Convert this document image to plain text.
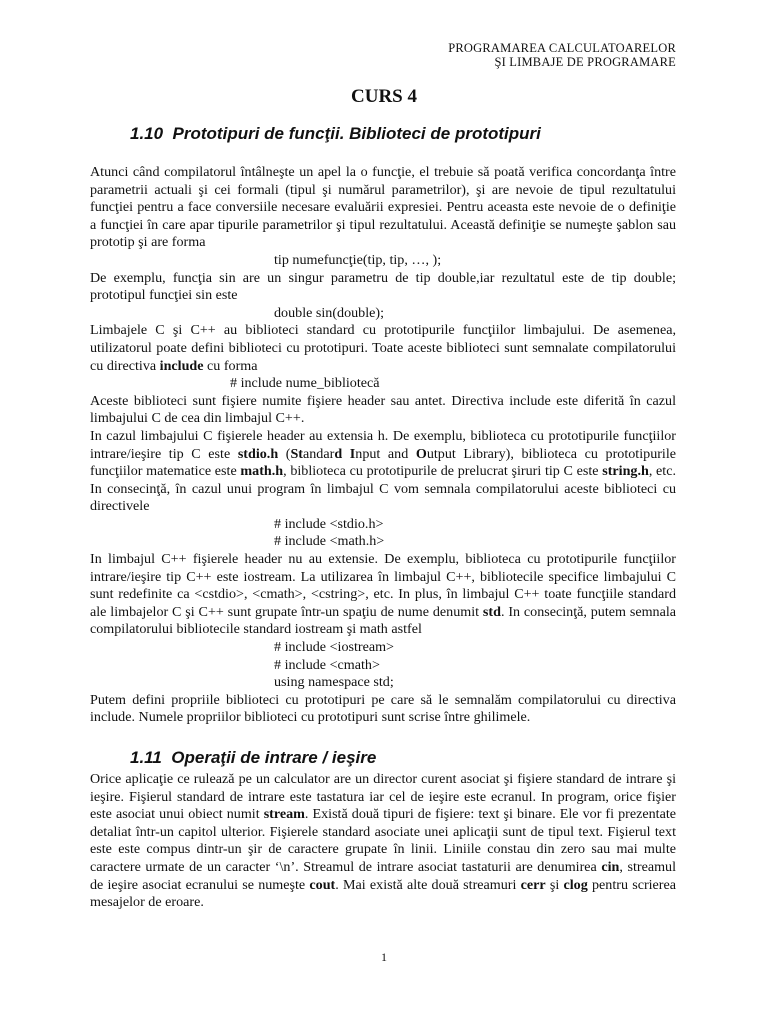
PROGRAMAREA CALCULATOARELOR
ŞI LIMBAJE DE PROGRAMARE
CURS 4
1.10 Prototipuri de funcţii. Biblioteci de prototipuri

Atunci când compilatorul întâlneşte un apel la o funcţie, el trebuie să poată verifica concordanţa între parametrii actuali şi cei formali (tipul şi numărul parametrilor), şi are nevoie de tipul rezultatului funcţiei pentru a face conversiile necesare evaluării expresiei. Pentru aceasta este nevoie de o definiţie a funcţiei în care apar tipurile parametrilor şi tipul rezultatului. Această definiţie se numeşte şablon sau prototip şi are forma

tip numefuncţie(tip, tip, …, );

De exemplu, funcţia sin are un singur parametru de tip double,iar rezultatul este de tip double; prototipul funcţiei sin este

double sin(double);

Limbajele C şi C++ au biblioteci standard cu prototipurile funcţiilor limbajului. De asemenea, utilizatorul poate defini biblioteci cu prototipuri. Toate aceste biblioteci sunt semnalate compilatorului cu directiva include cu forma

# include nume_bibliotecă

Aceste biblioteci sunt fişiere numite fişiere header sau antet. Directiva include este diferită în cazul limbajului C de cea din limbajul C++.

In cazul limbajului C fişierele header au extensia h. De exemplu, biblioteca cu prototipurile funcţiilor intrare/ieşire tip C este stdio.h (Standard Input and Output Library), biblioteca cu prototipurile funcţiilor matematice este math.h, biblioteca cu prototipurile de prelucrat şiruri tip C este string.h, etc. In consecinţă, în cazul unui program în limbajul C vom semnala compilatorului aceste biblioteci cu directivele

# include <stdio.h>
# include <math.h>

In limbajul C++ fişierele header nu au extensie. De exemplu, biblioteca cu prototipurile funcţiilor intrare/ieşire tip C++ este iostream. La utilizarea în limbajul C++, bibliotecile specifice limbajului C sunt redefinite ca <cstdio>, <cmath>, <cstring>, etc. In plus, în limbajul C++ toate funcţiile standard ale limbajelor C şi C++ sunt grupate într-un spaţiu de nume denumit std. In consecinţă, putem semnala compilatorului bibliotecile standard iostream şi math astfel

# include <iostream>
# include <cmath>
using namespace std;

Putem defini propriile biblioteci cu prototipuri pe care să le semnalăm compilatorului cu directiva include. Numele propriilor biblioteci cu prototipuri sunt scrise între ghilimele.

1.11 Operaţii de intrare / ieşire

Orice aplicaţie ce rulează pe un calculator are un director curent asociat şi fişiere standard de intrare şi ieşire. Fişierul standard de intrare este tastatura iar cel de ieşire este ecranul. In program, orice fişier este asociat unui obiect numit stream. Există două tipuri de fişiere: text şi binare. Ele vor fi prezentate detaliat într-un capitol ulterior. Fişierele standard asociate unei aplicaţii sunt de tipul text. Fişierul text este este compus dintr-un şir de caractere grupate în linii. Liniile constau din zero sau mai multe caractere urmate de un caracter ‘\n’. Streamul de intrare asociat tastaturii are denumirea cin, streamul de ieşire asociat ecranului se numeşte cout. Mai există alte două streamuri cerr şi clog pentru scrierea mesajelor de eroare.

1
